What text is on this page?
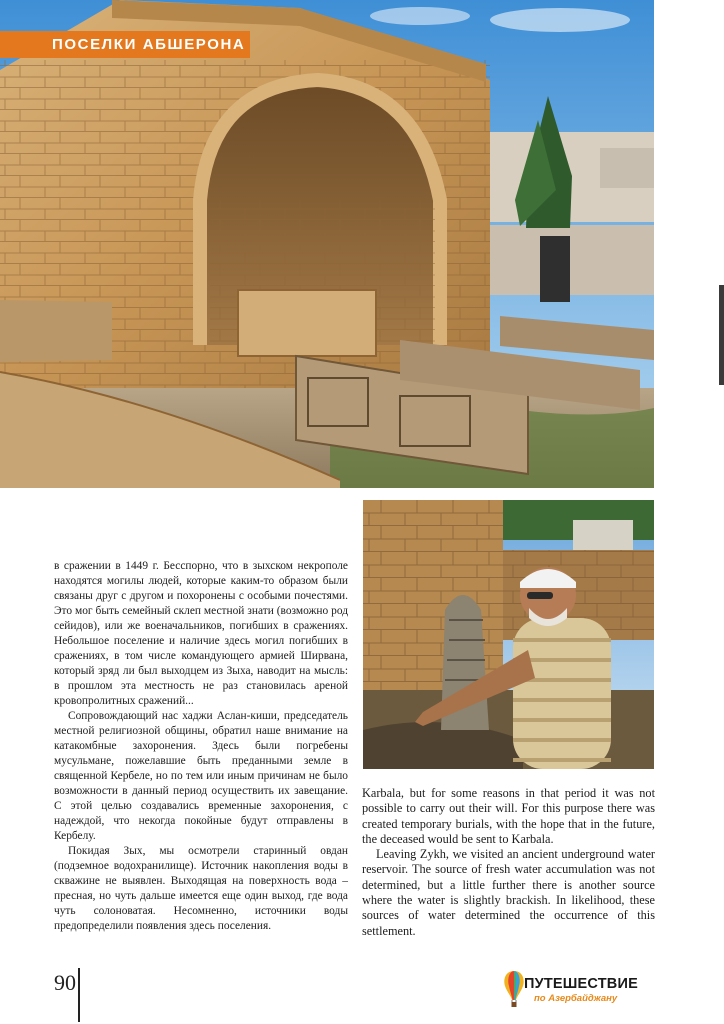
ПОСЕЛКИ АБШЕРОНА

в сражении в 1449 г. Бесспорно, что в зыхском некрополе находятся могилы людей, которые каким-то образом были связаны друг с другом и похоронены с особыми почестями. Это мог быть семейный склеп местной знати (возможно род сейидов), или же военачальников, погибших в сражениях. Небольшое поселение и наличие здесь могил погибших в сражениях, в том числе командующего армией Ширвана, который зряд ли был выходцем из Зыха, наводит на мысль: в прошлом эта местность не раз становилась ареной кровопролитных сражений...

Сопровождающий нас хаджи Аслан-киши, председатель местной религиозной общины, обратил наше внимание на катакомбные захоронения. Здесь были погребены мусульмане, пожелавшие быть преданными земле в священной Кербеле, но по тем или иным причинам не было возможности в данный период осуществить их завещание. С этой целью создавались временные захоронения, с надеждой, что некогда покойные будут отправлены в Кербелу.

Покидая Зых, мы осмотрели старинный овдан (подземное водохранилище). Источник накопления воды в скважине не выявлен. Выходящая на поверхность вода – пресная, но чуть дальше имеется еще один выход, где вода чуть солоноватая. Несомненно, источники воды предопределили появления здесь поселения.

Karbala, but for some reasons in that period it was not possible to carry out their will. For this purpose there was created temporary burials, with the hope that in the future, the deceased would be sent to Karbala.

Leaving Zykh, we visited an ancient underground water reservoir. The source of fresh water accumulation was not determined, but a little further there is another source where the water is slightly brackish. In likelihood, these sources of water determined the occurrence of this settlement.

90	ПУТЕШЕСТВИЕ
по Азербайджану
